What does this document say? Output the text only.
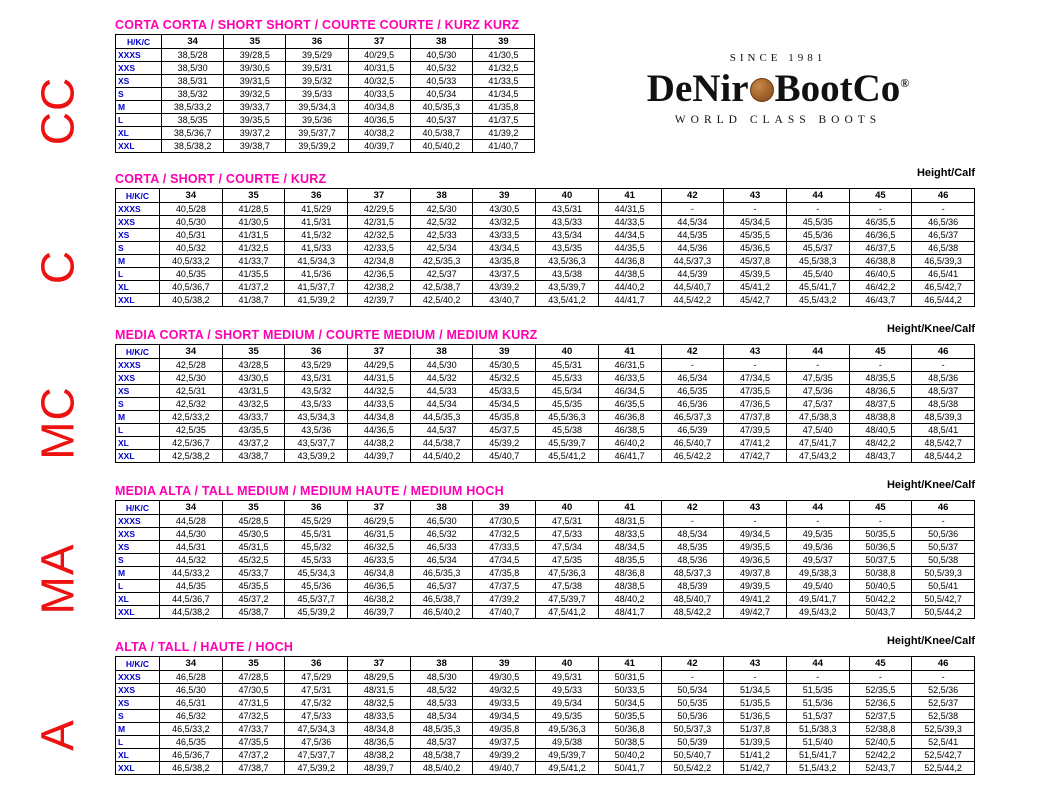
CC
C
MC
MA
A
SINCE 1981
DeNir BootCo®
WORLD CLASS BOOTS
CORTA CORTA / SHORT SHORT / COURTE COURTE / KURZ KURZ
H/K/C	34	35	36	37	38	39
XXXS	38,5/28	39/28,5	39,5/29	40/29,5	40,5/30	41/30,5
XXS	38,5/30	39/30,5	39,5/31	40/31,5	40,5/32	41/32,5
XS	38,5/31	39/31,5	39,5/32	40/32,5	40,5/33	41/33,5
S	38,5/32	39/32,5	39,5/33	40/33,5	40,5/34	41/34,5
M	38,5/33,2	39/33,7	39,5/34,3	40/34,8	40,5/35,3	41/35,8
L	38,5/35	39/35,5	39,5/36	40/36,5	40,5/37	41/37,5
XL	38,5/36,7	39/37,2	39,5/37,7	40/38,2	40,5/38,7	41/39,2
XXL	38,5/38,2	39/38,7	39,5/39,2	40/39,7	40,5/40,2	41/40,7
CORTA / SHORT / COURTE / KURZ	Height/Calf
H/K/C	34	35	36	37	38	39	40	41	42	43	44	45	46
XXXS	40,5/28	41/28,5	41,5/29	42/29,5	42,5/30	43/30,5	43,5/31	44/31,5	-	-	-	-	-
XXS	40,5/30	41/30,5	41,5/31	42/31,5	42,5/32	43/32,5	43,5/33	44/33,5	44,5/34	45/34,5	45,5/35	46/35,5	46,5/36
XS	40,5/31	41/31,5	41,5/32	42/32,5	42,5/33	43/33,5	43,5/34	44/34,5	44,5/35	45/35,5	45,5/36	46/36,5	46,5/37
S	40,5/32	41/32,5	41,5/33	42/33,5	42,5/34	43/34,5	43,5/35	44/35,5	44,5/36	45/36,5	45,5/37	46/37,5	46,5/38
M	40,5/33,2	41/33,7	41,5/34,3	42/34,8	42,5/35,3	43/35,8	43,5/36,3	44/36,8	44,5/37,3	45/37,8	45,5/38,3	46/38,8	46,5/39,3
L	40,5/35	41/35,5	41,5/36	42/36,5	42,5/37	43/37,5	43,5/38	44/38,5	44,5/39	45/39,5	45,5/40	46/40,5	46,5/41
XL	40,5/36,7	41/37,2	41,5/37,7	42/38,2	42,5/38,7	43/39,2	43,5/39,7	44/40,2	44,5/40,7	45/41,2	45,5/41,7	46/42,2	46,5/42,7
XXL	40,5/38,2	41/38,7	41,5/39,2	42/39,7	42,5/40,2	43/40,7	43,5/41,2	44/41,7	44,5/42,2	45/42,7	45,5/43,2	46/43,7	46,5/44,2
MEDIA CORTA / SHORT MEDIUM / COURTE MEDIUM / MEDIUM KURZ	Height/Knee/Calf
H/K/C	34	35	36	37	38	39	40	41	42	43	44	45	46
XXXS	42,5/28	43/28,5	43,5/29	44/29,5	44,5/30	45/30,5	45,5/31	46/31,5	-	-	-	-	-
XXS	42,5/30	43/30,5	43,5/31	44/31,5	44,5/32	45/32,5	45,5/33	46/33,5	46,5/34	47/34,5	47,5/35	48/35,5	48,5/36
XS	42,5/31	43/31,5	43,5/32	44/32,5	44,5/33	45/33,5	45,5/34	46/34,5	46,5/35	47/35,5	47,5/36	48/36,5	48,5/37
S	42,5/32	43/32,5	43,5/33	44/33,5	44,5/34	45/34,5	45,5/35	46/35,5	46,5/36	47/36,5	47,5/37	48/37,5	48,5/38
M	42,5/33,2	43/33,7	43,5/34,3	44/34,8	44,5/35,3	45/35,8	45,5/36,3	46/36,8	46,5/37,3	47/37,8	47,5/38,3	48/38,8	48,5/39,3
L	42,5/35	43/35,5	43,5/36	44/36,5	44,5/37	45/37,5	45,5/38	46/38,5	46,5/39	47/39,5	47,5/40	48/40,5	48,5/41
XL	42,5/36,7	43/37,2	43,5/37,7	44/38,2	44,5/38,7	45/39,2	45,5/39,7	46/40,2	46,5/40,7	47/41,2	47,5/41,7	48/42,2	48,5/42,7
XXL	42,5/38,2	43/38,7	43,5/39,2	44/39,7	44,5/40,2	45/40,7	45,5/41,2	46/41,7	46,5/42,2	47/42,7	47,5/43,2	48/43,7	48,5/44,2
MEDIA ALTA / TALL MEDIUM / MEDIUM HAUTE / MEDIUM HOCH	Height/Knee/Calf
H/K/C	34	35	36	37	38	39	40	41	42	43	44	45	46
XXXS	44,5/28	45/28,5	45,5/29	46/29,5	46,5/30	47/30,5	47,5/31	48/31,5	-	-	-	-	-
XXS	44,5/30	45/30,5	45,5/31	46/31,5	46,5/32	47/32,5	47,5/33	48/33,5	48,5/34	49/34,5	49,5/35	50/35,5	50,5/36
XS	44,5/31	45/31,5	45,5/32	46/32,5	46,5/33	47/33,5	47,5/34	48/34,5	48,5/35	49/35,5	49,5/36	50/36,5	50,5/37
S	44,5/32	45/32,5	45,5/33	46/33,5	46,5/34	47/34,5	47,5/35	48/35,5	48,5/36	49/36,5	49,5/37	50/37,5	50,5/38
M	44,5/33,2	45/33,7	45,5/34,3	46/34,8	46,5/35,3	47/35,8	47,5/36,3	48/36,8	48,5/37,3	49/37,8	49,5/38,3	50/38,8	50,5/39,3
L	44,5/35	45/35,5	45,5/36	46/36,5	46,5/37	47/37,5	47,5/38	48/38,5	48,5/39	49/39,5	49,5/40	50/40,5	50,5/41
XL	44,5/36,7	45/37,2	45,5/37,7	46/38,2	46,5/38,7	47/39,2	47,5/39,7	48/40,2	48,5/40,7	49/41,2	49,5/41,7	50/42,2	50,5/42,7
XXL	44,5/38,2	45/38,7	45,5/39,2	46/39,7	46,5/40,2	47/40,7	47,5/41,2	48/41,7	48,5/42,2	49/42,7	49,5/43,2	50/43,7	50,5/44,2
ALTA / TALL / HAUTE / HOCH	Height/Knee/Calf
H/K/C	34	35	36	37	38	39	40	41	42	43	44	45	46
XXXS	46,5/28	47/28,5	47,5/29	48/29,5	48,5/30	49/30,5	49,5/31	50/31,5	-	-	-	-	-
XXS	46,5/30	47/30,5	47,5/31	48/31,5	48,5/32	49/32,5	49,5/33	50/33,5	50,5/34	51/34,5	51,5/35	52/35,5	52,5/36
XS	46,5/31	47/31,5	47,5/32	48/32,5	48,5/33	49/33,5	49,5/34	50/34,5	50,5/35	51/35,5	51,5/36	52/36,5	52,5/37
S	46,5/32	47/32,5	47,5/33	48/33,5	48,5/34	49/34,5	49,5/35	50/35,5	50,5/36	51/36,5	51,5/37	52/37,5	52,5/38
M	46,5/33,2	47/33,7	47,5/34,3	48/34,8	48,5/35,3	49/35,8	49,5/36,3	50/36,8	50,5/37,3	51/37,8	51,5/38,3	52/38,8	52,5/39,3
L	46,5/35	47/35,5	47,5/36	48/36,5	48,5/37	49/37,5	49,5/38	50/38,5	50,5/39	51/39,5	51,5/40	52/40,5	52,5/41
XL	46,5/36,7	47/37,2	47,5/37,7	48/38,2	48,5/38,7	49/39,2	49,5/39,7	50/40,2	50,5/40,7	51/41,2	51,5/41,7	52/42,2	52,5/42,7
XXL	46,5/38,2	47/38,7	47,5/39,2	48/39,7	48,5/40,2	49/40,7	49,5/41,2	50/41,7	50,5/42,2	51/42,7	51,5/43,2	52/43,7	52,5/44,2
